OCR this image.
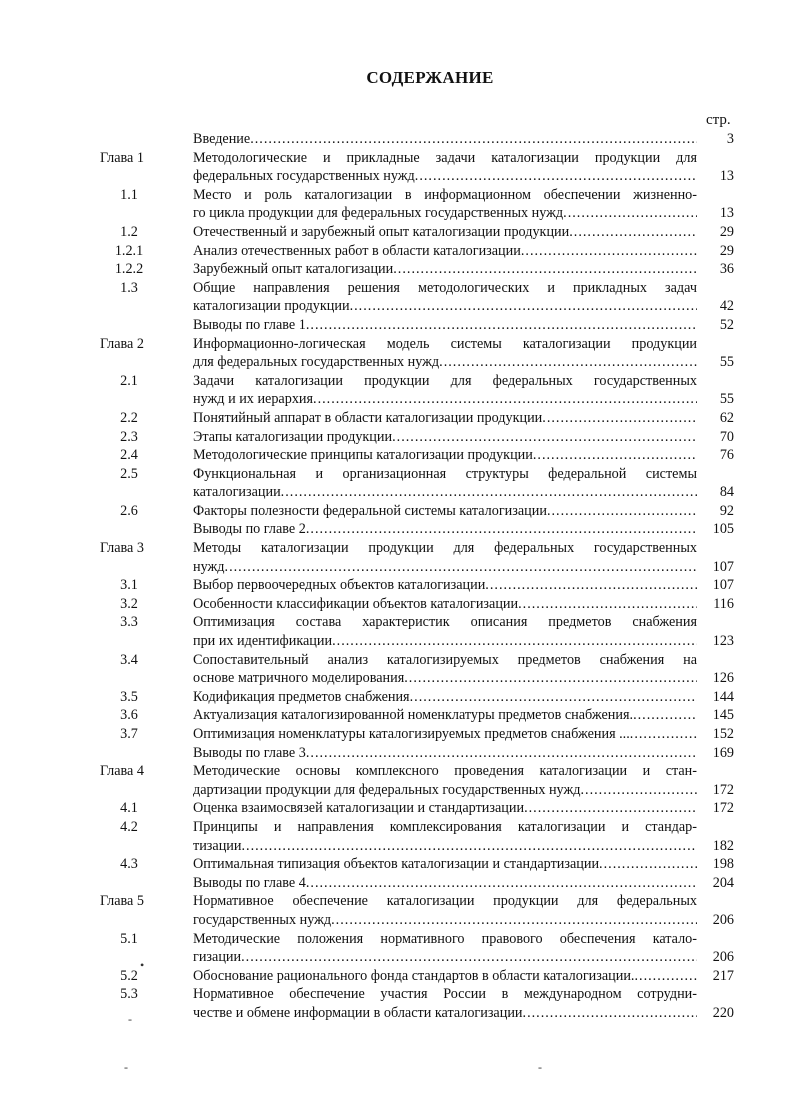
СОДЕРЖАНИЕ
стр.
Введение .....	3
Глава 1	Методологические и прикладные задачи каталогизации продукции для
федеральных государственных нужд .....	13
1.1	Место и роль каталогизации в информационном обеспечении жизненно-
го цикла продукции для федеральных государственных нужд .....	13
1.2	Отечественный и зарубежный опыт каталогизации продукции .....	29
1.2.1	Анализ отечественных работ в области каталогизации .....	29
1.2.2	Зарубежный опыт каталогизации .....	36
1.3	Общие направления решения методологических и прикладных задач
каталогизации продукции .....	42
Выводы по главе 1 .....	52
Глава 2	Информационно-логическая модель системы каталогизации продукции
для федеральных государственных нужд .....	55
2.1	Задачи каталогизации продукции для федеральных государственных
нужд и их иерархия .....	55
2.2	Понятийный аппарат в области каталогизации продукции .....	62
2.3	Этапы каталогизации продукции .....	70
2.4	Методологические принципы каталогизации продукции .....	76
2.5	Функциональная и организационная структуры федеральной системы
каталогизации .....	84
2.6	Факторы полезности федеральной системы каталогизации .....	92
Выводы по главе 2 .....	105
Глава 3	Методы каталогизации продукции для федеральных государственных
нужд .....	107
3.1	Выбор первоочередных объектов каталогизации .....	107
3.2	Особенности классификации объектов каталогизации .....	116
3.3	Оптимизация состава характеристик описания предметов снабжения
при их идентификации .....	123
3.4	Сопоставительный анализ каталогизируемых предметов снабжения на
основе матричного моделирования .....	126
3.5	Кодификация предметов снабжения .....	144
3.6	Актуализация каталогизированной номенклатуры предметов снабжения. .....	145
3.7	Оптимизация номенклатуры каталогизируемых предметов снабжения ... .....	152
Выводы по главе 3 .....	169
Глава 4	Методические основы комплексного проведения каталогизации и стан-
дартизации продукции для федеральных государственных нужд .....	172
4.1	Оценка взаимосвязей каталогизации и стандартизации .....	172
4.2	Принципы и направления комплексирования каталогизации и стандар-
тизации .....	182
4.3	Оптимальная типизация объектов каталогизации и стандартизации .....	198
Выводы по главе 4 .....	204
Глава 5	Нормативное обеспечение каталогизации продукции для федеральных
государственных нужд .....	206
5.1	Методические положения нормативного правового обеспечения катало-
гизации .....	206
5.2	Обоснование рационального фонда стандартов в области каталогизации. .....	217
5.3	Нормативное обеспечение участия России в международном сотрудни-
честве и обмене информации в области каталогизации .....	220
•
-
-	-
